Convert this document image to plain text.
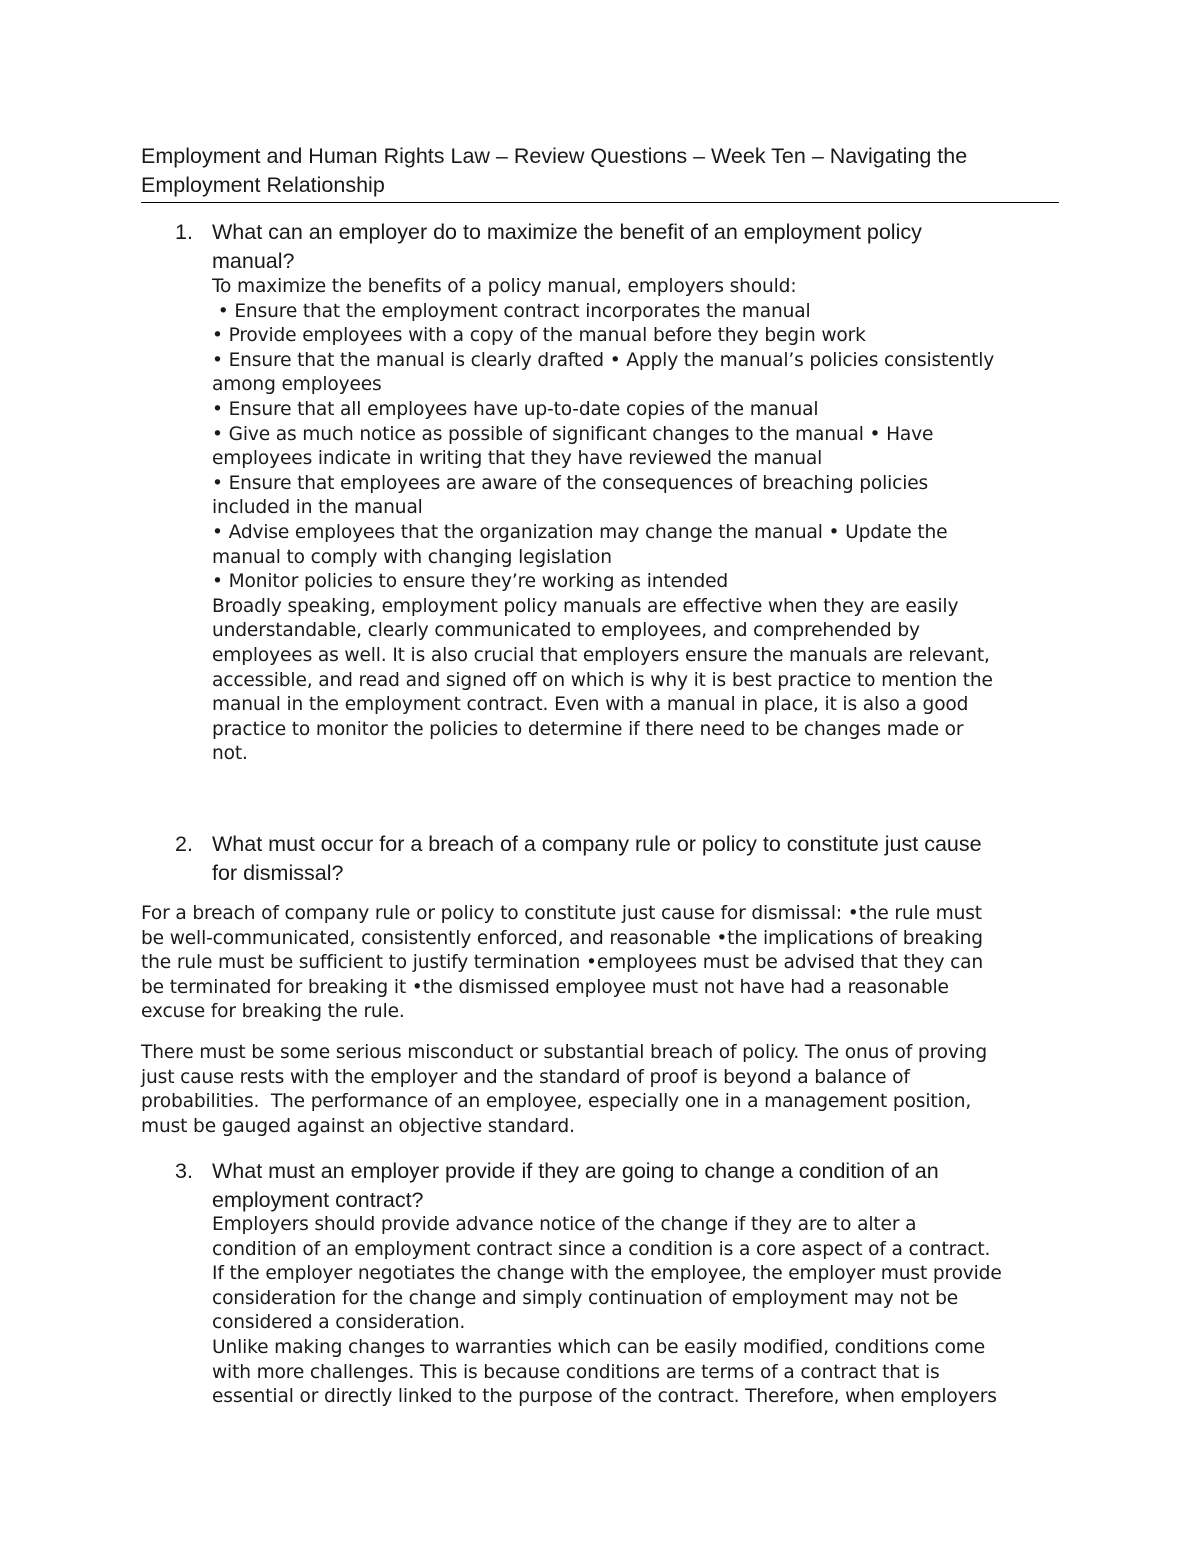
Employment and Human Rights Law – Review Questions – Week Ten – Navigating the
Employment Relationship
1. What can an employer do to maximize the benefit of an employment policy
manual?
To maximize the benefits of a policy manual, employers should:
• Ensure that the employment contract incorporates the manual
• Provide employees with a copy of the manual before they begin work
• Ensure that the manual is clearly drafted • Apply the manual’s policies consistently
among employees
• Ensure that all employees have up-to-date copies of the manual
• Give as much notice as possible of significant changes to the manual • Have
employees indicate in writing that they have reviewed the manual
• Ensure that employees are aware of the consequences of breaching policies
included in the manual
• Advise employees that the organization may change the manual • Update the
manual to comply with changing legislation
• Monitor policies to ensure they’re working as intended
Broadly speaking, employment policy manuals are effective when they are easily
understandable, clearly communicated to employees, and comprehended by
employees as well. It is also crucial that employers ensure the manuals are relevant,
accessible, and read and signed off on which is why it is best practice to mention the
manual in the employment contract. Even with a manual in place, it is also a good
practice to monitor the policies to determine if there need to be changes made or
not.
2. What must occur for a breach of a company rule or policy to constitute just cause
for dismissal?
For a breach of company rule or policy to constitute just cause for dismissal: •the rule must
be well-communicated, consistently enforced, and reasonable •the implications of breaking
the rule must be sufficient to justify termination •employees must be advised that they can
be terminated for breaking it •the dismissed employee must not have had a reasonable
excuse for breaking the rule.
There must be some serious misconduct or substantial breach of policy. The onus of proving
just cause rests with the employer and the standard of proof is beyond a balance of
probabilities.  The performance of an employee, especially one in a management position,
must be gauged against an objective standard.
3. What must an employer provide if they are going to change a condition of an
employment contract?
Employers should provide advance notice of the change if they are to alter a
condition of an employment contract since a condition is a core aspect of a contract.
If the employer negotiates the change with the employee, the employer must provide
consideration for the change and simply continuation of employment may not be
considered a consideration.
Unlike making changes to warranties which can be easily modified, conditions come
with more challenges. This is because conditions are terms of a contract that is
essential or directly linked to the purpose of the contract. Therefore, when employers
